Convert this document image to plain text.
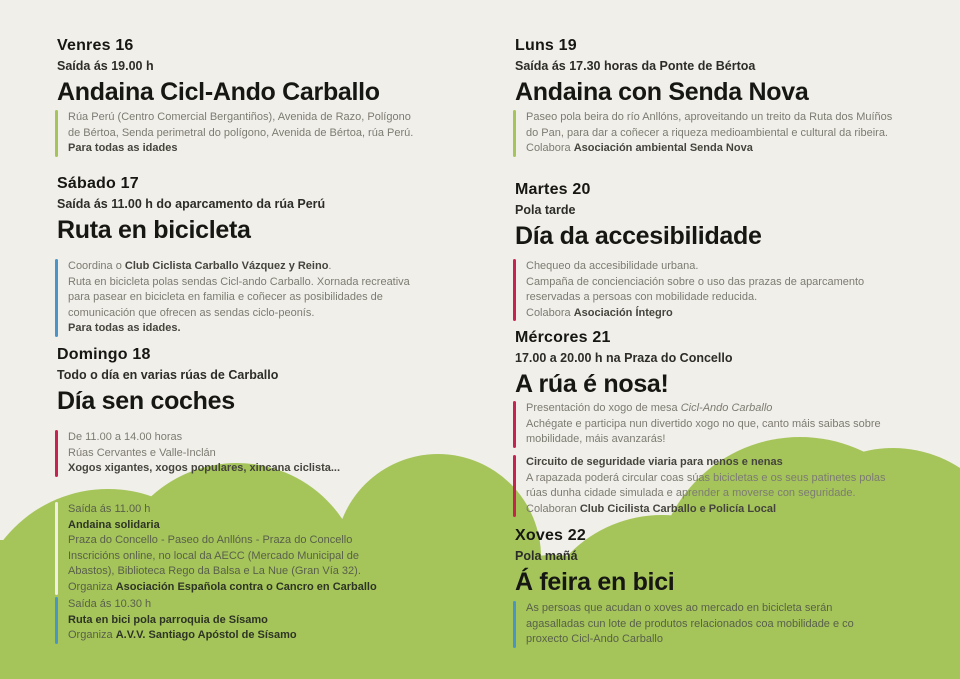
Venres 16
Saída ás 19.00 h
Andaina Cicl-Ando Carballo
Rúa Perú (Centro Comercial Bergantiños), Avenida de Razo, Polígono
de Bértoa, Senda perimetral do polígono, Avenida de Bértoa, rúa Perú.
Para todas as idades
Sábado 17
Saída ás 11.00 h do aparcamento da rúa Perú
Ruta en bicicleta
Coordina o Club Ciclista Carballo Vázquez y Reino.
Ruta en bicicleta polas sendas Cicl-ando Carballo. Xornada recreativa
para pasear en bicicleta en familia e coñecer as posibilidades de
comunicación que ofrecen as sendas ciclo-peonís.
Para todas as idades.
Domingo 18
Todo o día en varias rúas de Carballo
Día sen coches
De 11.00 a 14.00 horas
Rúas Cervantes e Valle-Inclán
Xogos xigantes, xogos populares, xincana ciclista...
Saída ás 11.00 h
Andaina solidaria
Praza do Concello - Paseo do Anllóns - Praza do Concello
Inscricións online, no local da AECC (Mercado Municipal de
Abastos), Biblioteca Rego da Balsa e La Nue (Gran Vía 32).
Organiza Asociación Española contra o Cancro en Carballo
Saída ás 10.30 h
Ruta en bici pola parroquia de Sísamo
Organiza A.V.V. Santiago Apóstol de Sísamo
Luns 19
Saída ás 17.30 horas da Ponte de Bértoa
Andaina con Senda Nova
Paseo pola beira do río Anllóns, aproveitando un treito da Ruta dos Muíños
do Pan, para dar a coñecer a riqueza medioambiental e cultural da ribeira.
Colabora Asociación ambiental Senda Nova
Martes 20
Pola tarde
Día da accesibilidade
Chequeo da accesibilidade urbana.
Campaña de concienciación sobre o uso das prazas de aparcamento
reservadas a persoas con mobilidade reducida.
Colabora Asociación Íntegro
Mércores 21
17.00 a 20.00 h na Praza do Concello
A rúa é nosa!
Presentación do xogo de mesa Cicl-Ando Carballo
Achégate e participa nun divertido xogo no que, canto máis saibas sobre
mobilidade, máis avanzarás!
Circuito de seguridade viaria para nenos e nenas
A rapazada poderá circular coas súas bicicletas e os seus patinetes polas
rúas dunha cidade simulada e aprender a moverse con seguridade.
Colaboran Club Cicilista Carballo e Policía Local
Xoves 22
Pola mañá
Á feira en bici
As persoas que acudan o xoves ao mercado en bicicleta serán
agasalladas cun lote de produtos relacionados coa mobilidade e co
proxecto Cicl-Ando Carballo
